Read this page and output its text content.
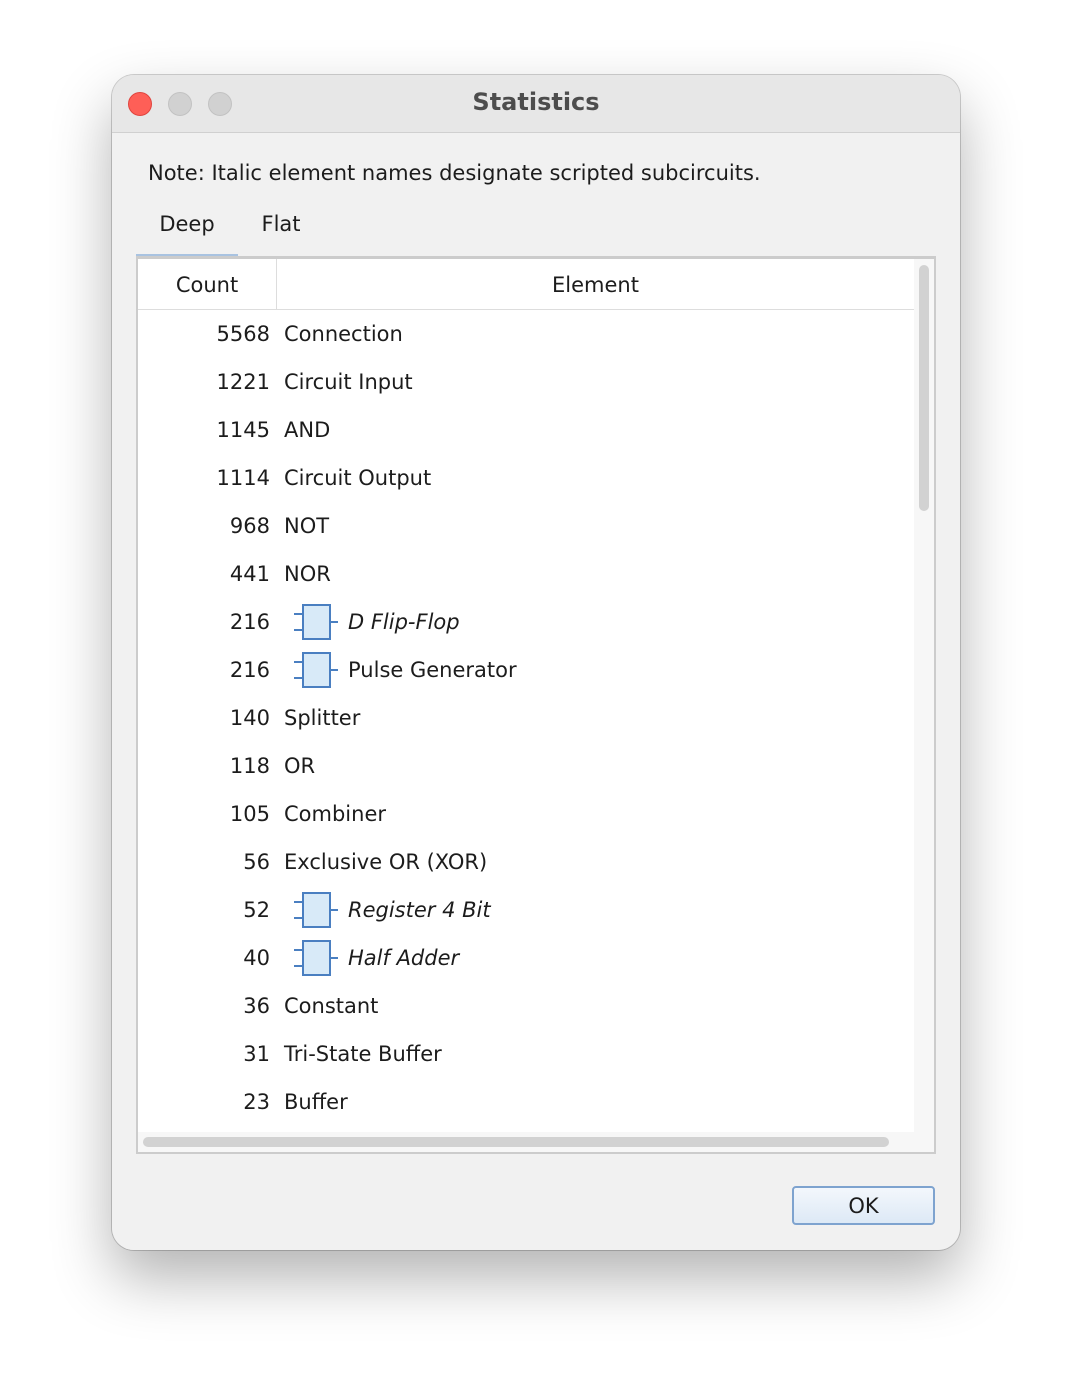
Statistics
Note: Italic element names designate scripted subcircuits.
Deep	Flat
Count	Element
5568 Connection
1221 Circuit Input
1145 AND
1114 Circuit Output
968 NOT
441 NOR
216	D Flip-Flop
216	Pulse Generator
140 Splitter
118 OR
105 Combiner
56 Exclusive OR (XOR)
52	Register 4 Bit
40	Half Adder
36 Constant
31 Tri-State Buffer
23 Buffer
OK
